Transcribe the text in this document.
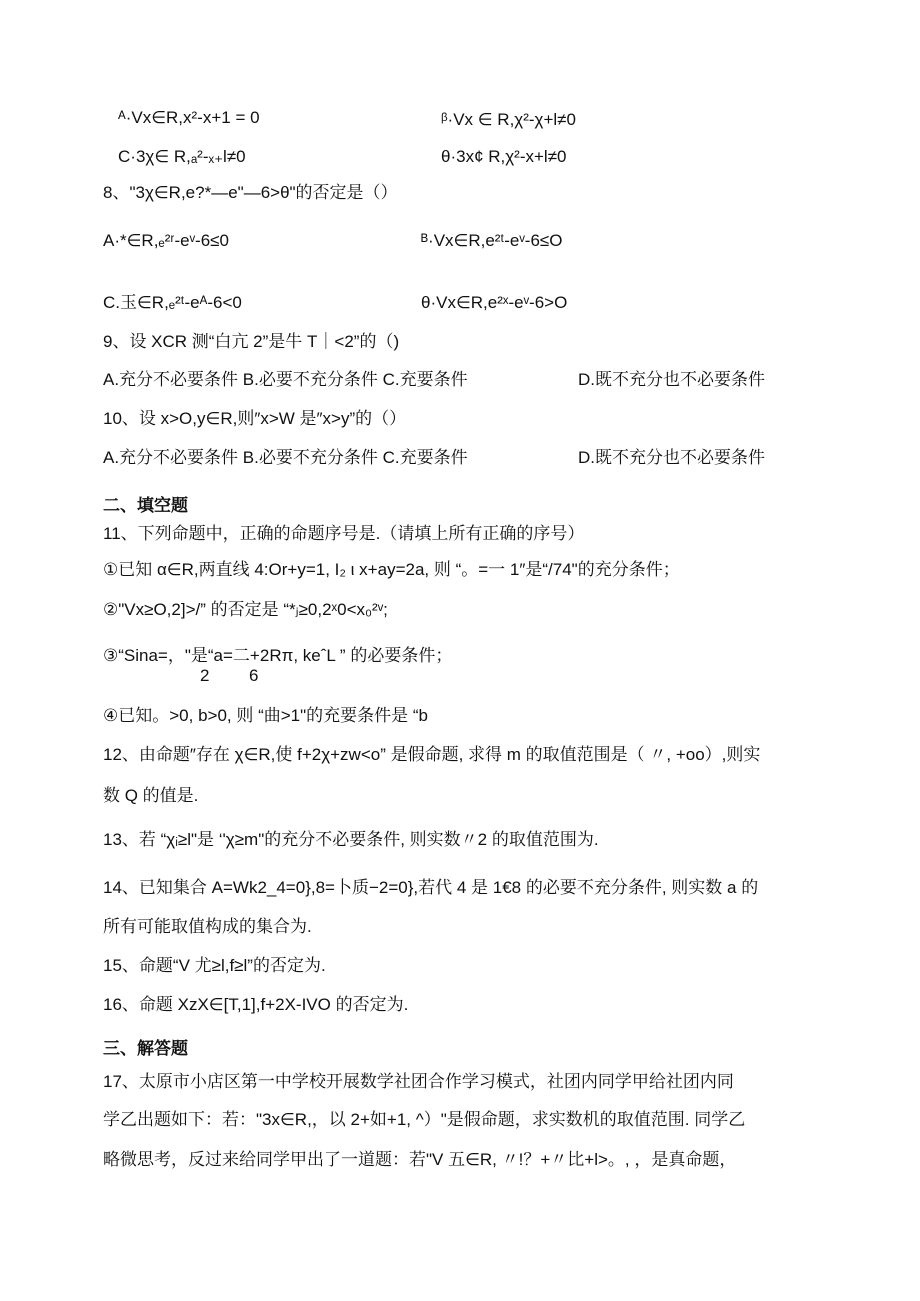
ᴬ·Vx∈R,x²-x+1 = 0	ᵝ·Vx ∈ R,χ²-χ+l≠0
C·3χ∈ R,ₐ²-ₓ₊l≠0	θ·3x¢ R,χ²-x+l≠0
8、"3χ∈R,e?*—e"—6>θ"的否定是（）
A·*∈R,ₑ²ʳ-eᵛ-6≤0	ᴮ·Vx∈R,e²ᵗ-eᵛ-6≤O
C.玉∈R,ₑ²ᵗ-eᴬ-6<0	θ·Vx∈R,e²ˣ-eᵛ-6>O
9、设 XCR 测“白亢 2”是牛 T｜<2”的（)
A.充分不必要条件 B.必要不充分条件 C.充要条件	D.既不充分也不必要条件
10、设 x>O,y∈R,则″x>W 是″x>y”的（）
A.充分不必要条件 B.必要不充分条件 C.充要条件	D.既不充分也不必要条件
二、填空题
11、下列命题中，正确的命题序号是.（请填上所有正确的序号）
①已知 α∈R,两直线 4:Or+y=1, I₂ ι x+ay=2a, 则 “。=一 1″是“/74"的充分条件；
②"Vx≥O,2]>/” 的否定是 “*ⱼ≥0,2ˣ0<x₀²ᵛ;
③“Sina=，"是“a=二+2Rπ, keˆL ” 的必要条件；
2 6
④已知。>0, b>0, 则 “曲>1"的充要条件是 “b
12、由命题″存在 χ∈R,使 f+2χ+zw<o” 是假命题, 求得 m 的取值范围是（ 〃, +oo）,则实
数 Q 的值是.
13、若 “χᵢ≥l"是 ‘'χ≥m"的充分不必要条件, 则实数〃2 的取值范围为.
14、已知集合 A=Wk2_4=0},8=卜质−2=0},若代 4 是 1€8 的必要不充分条件, 则实数 a 的
所有可能取值构成的集合为.
15、命题“V 尤≥l,f≥l”的否定为.
16、命题 XzX∈[T,1],f+2X-IVO 的否定为.
三、解答题
17、太原市小店区第一中学校开展数学社团合作学习模式，社团内同学甲给社团内同
学乙出题如下：若："3x∈R,，以 2+如+1, ^）"是假命题，求实数机的取值范围. 同学乙
略微思考，反过来给同学甲出了一道题：若"V 五∈R, 〃!？+〃比+l>。, ，是真命题，
